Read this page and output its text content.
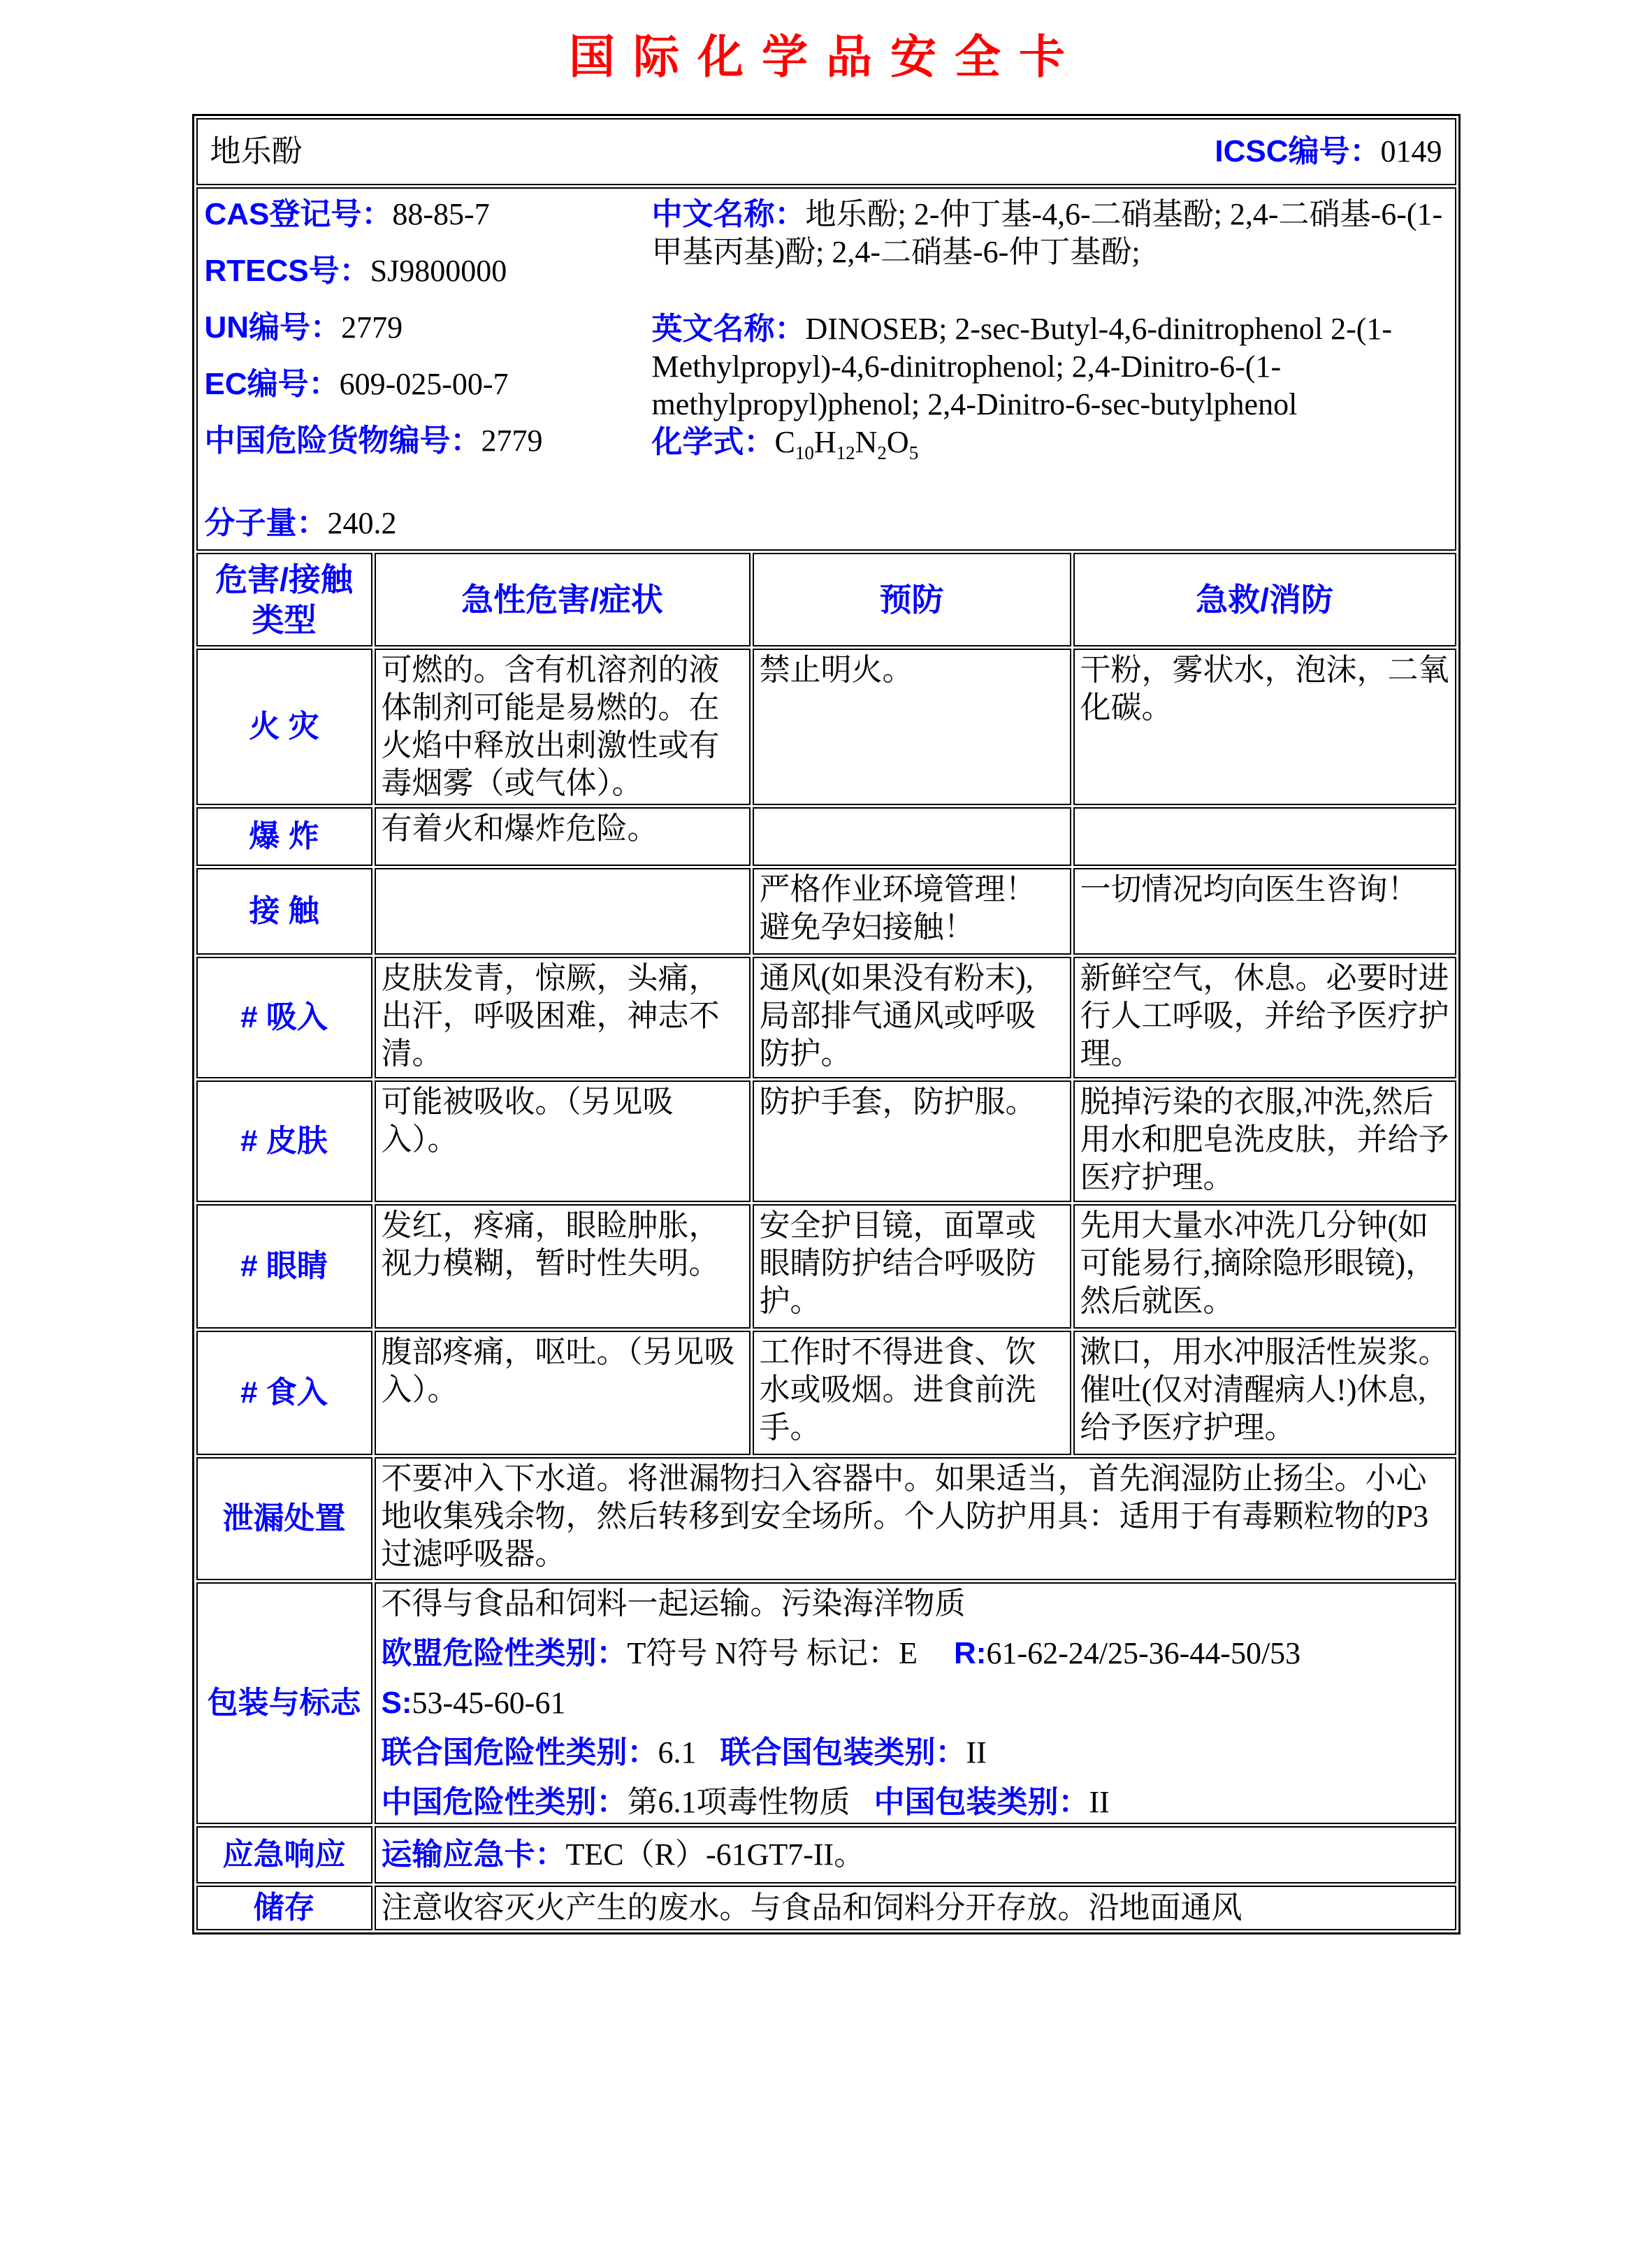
国际化学品安全卡
地乐酚 ICSC编号：0149			

CAS登记号：88-85-7
RTECS号：SJ9800000
UN编号：2779
EC编号：609-025-00-7
中国危险货物编号：2779
分子量：240.2

中文名称：地乐酚; 2-仲丁基-4,6-二硝基酚; 2,4-二硝基-6-(1-甲基丙基)酚; 2,4-二硝基-6-仲丁基酚;

英文名称：DINOSEB; 2-sec-Butyl-4,6-dinitrophenol 2-(1-Methylpropyl)-4,6-dinitrophenol; 2,4-Dinitro-6-(1-methylpropyl)phenol; 2,4-Dinitro-6-sec-butylphenol

化学式：$C_{10}H_{12}N_2O_5$

危害/接触类型	急性危害/症状	预防	急救/消防
火 灾	可燃的。含有机溶剂的液体制剂可能是易燃的。在火焰中释放出刺激性或有毒烟雾（或气体）。	禁止明火。	干粉，雾状水，泡沫，二氧化碳。
爆 炸	有着火和爆炸危险。		
接 触		严格作业环境管理！避免孕妇接触！	一切情况均向医生咨询！
# 吸入	皮肤发青，惊厥，头痛，出汗，呼吸困难，神志不清。	通风(如果没有粉末),局部排气通风或呼吸防护。	新鲜空气，休息。必要时进行人工呼吸，并给予医疗护理。
# 皮肤	可能被吸收。（另见吸入）。	防护手套，防护服。	脱掉污染的衣服,冲洗,然后用水和肥皂洗皮肤，并给予医疗护理。
# 眼睛	发红，疼痛，眼睑肿胀，视力模糊，暂时性失明。	安全护目镜，面罩或眼睛防护结合呼吸防护。	先用大量水冲洗几分钟(如可能易行,摘除隐形眼镜)，然后就医。
# 食入	腹部疼痛，呕吐。（另见吸入）。	工作时不得进食、饮水或吸烟。进食前洗手。	漱口，用水冲服活性炭浆。催吐(仅对清醒病人!)休息,给予医疗护理。
泄漏处置	不要冲入下水道。将泄漏物扫入容器中。如果适当，首先润湿防止扬尘。小心地收集残余物，然后转移到安全场所。个人防护用具：适用于有毒颗粒物的P3过滤呼吸器。		
包装与标志	不得与食品和饲料一起运输。污染海洋物质

欧盟危险性类别：T符号 N符号 标记：E R:61-62-24/25-36-44-50/53

S:53-45-60-61

联合国危险性类别：6.1 联合国包装类别：II

中国危险性类别：第6.1项毒性物质 中国包装类别：II		

应急响应	运输应急卡：TEC（R）-61GT7-II。		
储存	注意收容灭火产生的废水。与食品和饲料分开存放。沿地面通风		
